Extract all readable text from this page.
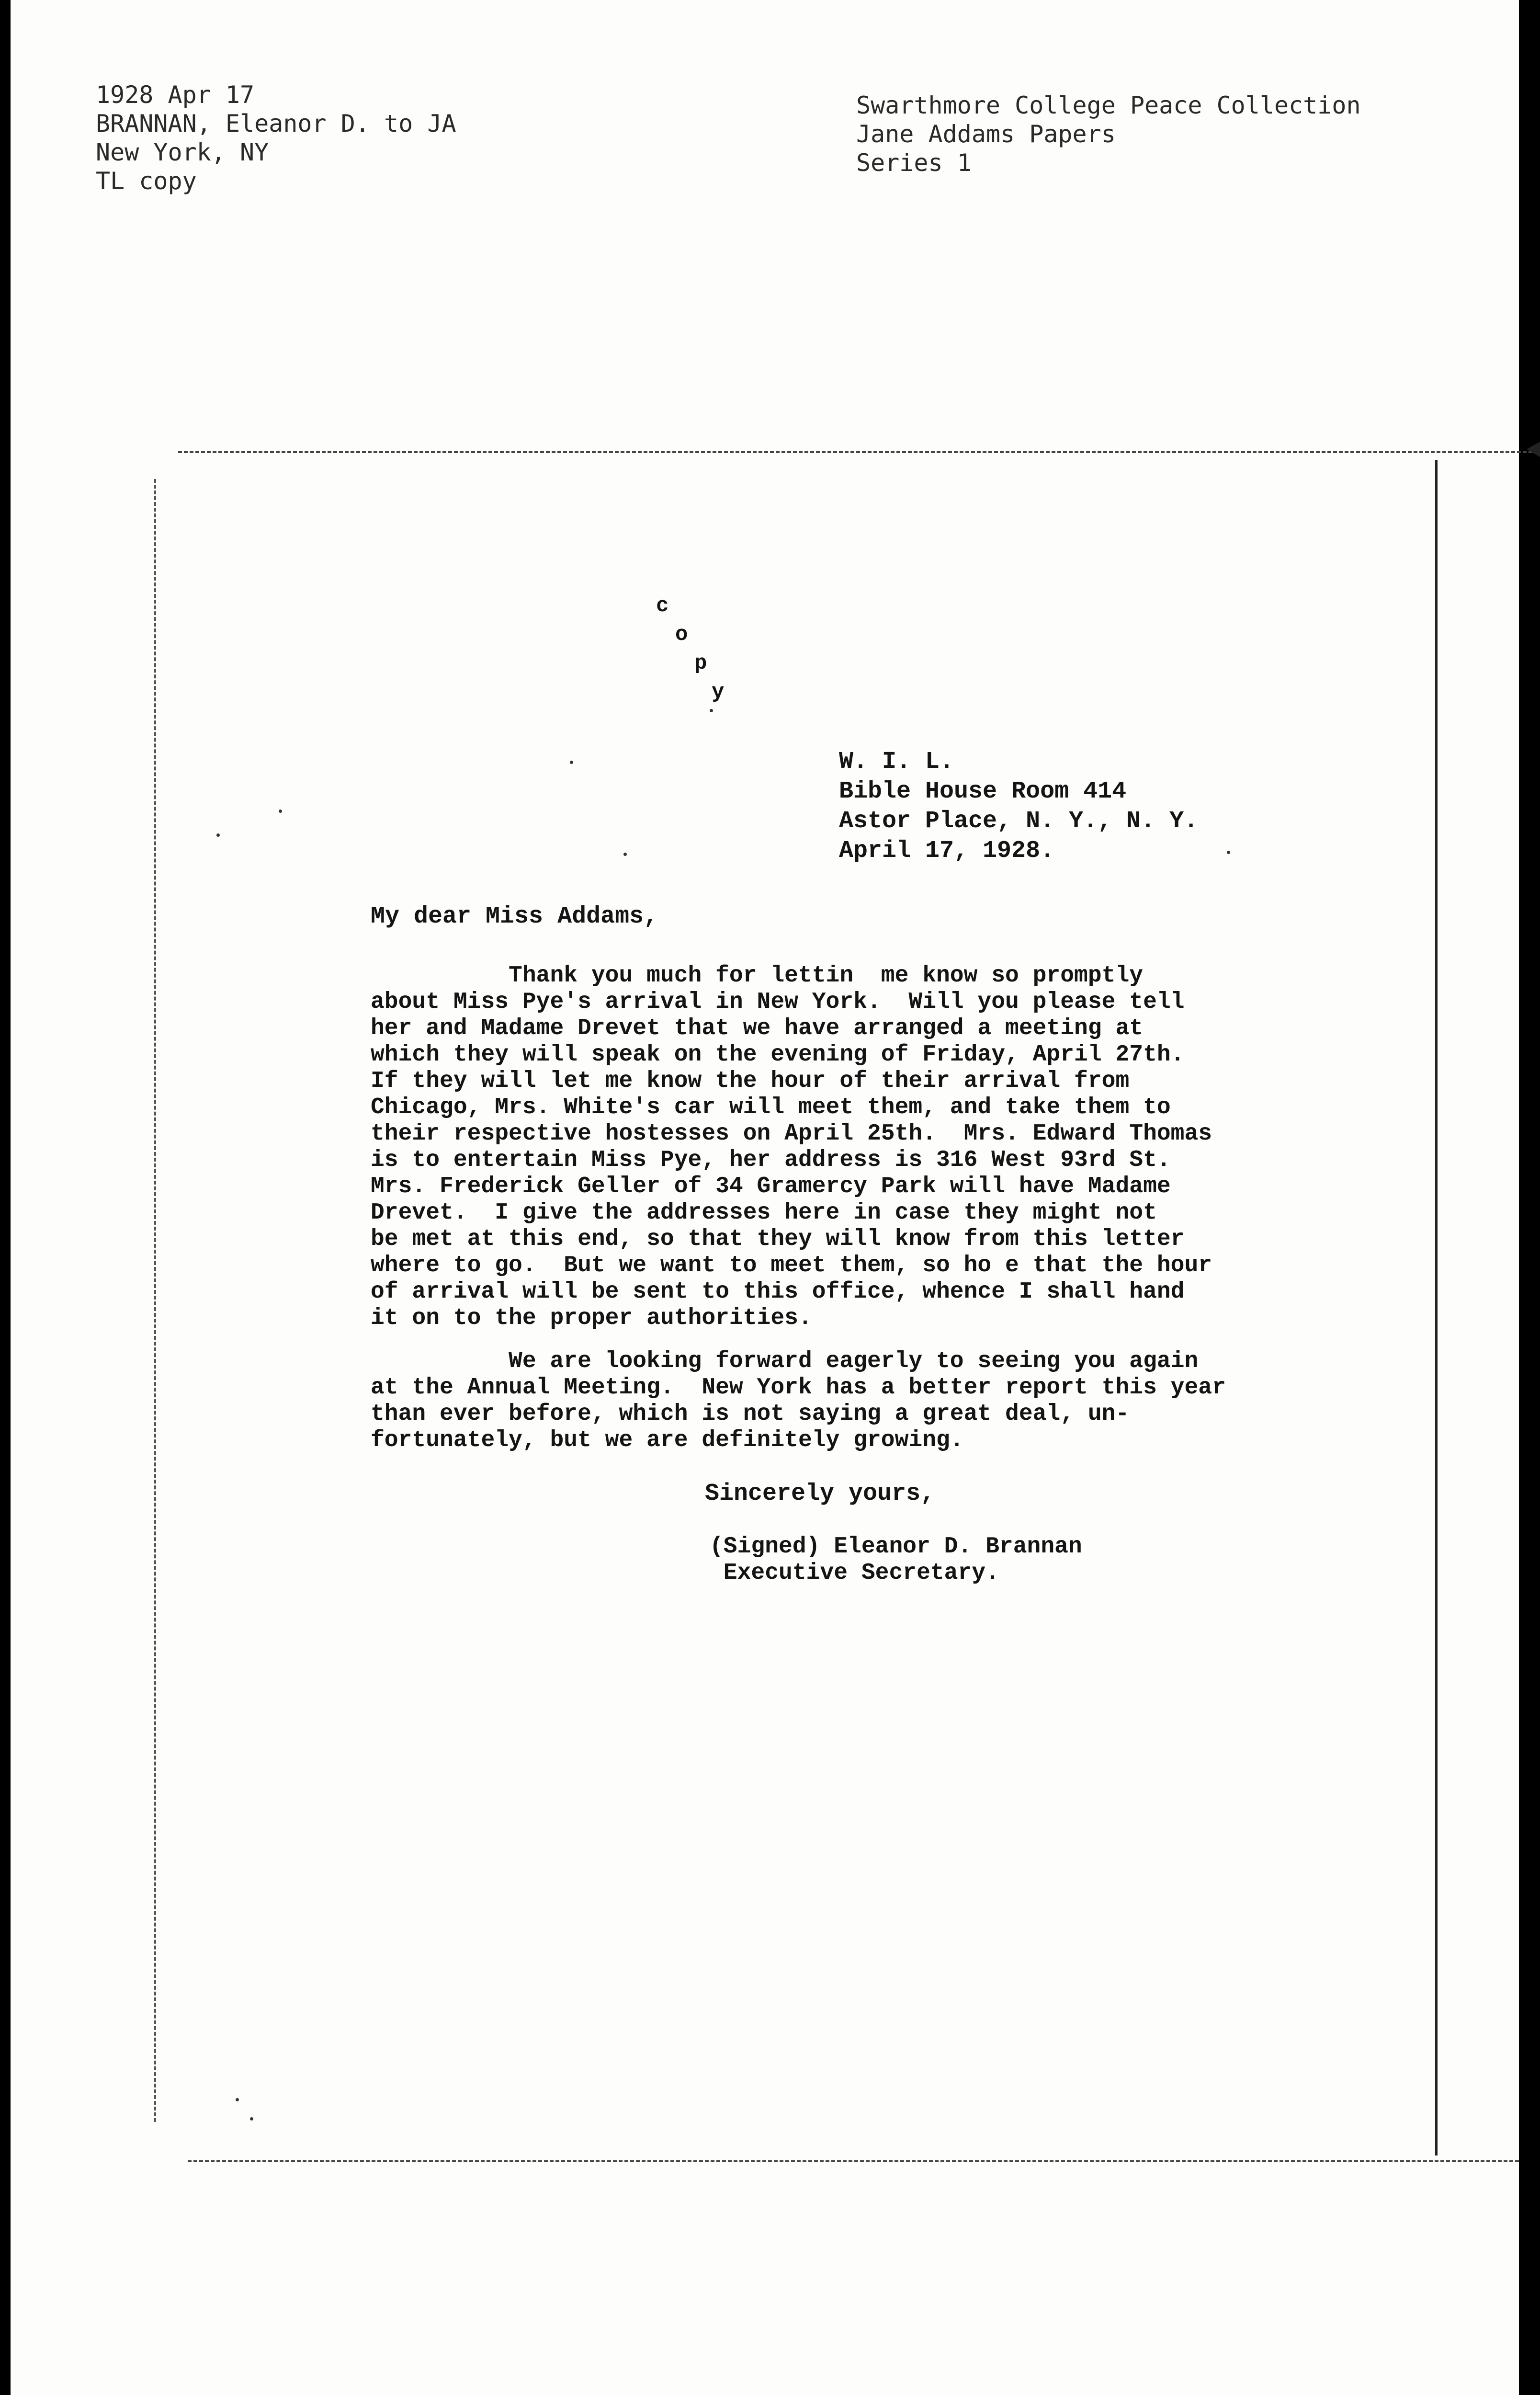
1928 Apr 17
BRANNAN, Eleanor D. to JA
New York, NY
TL copy
Swarthmore College Peace Collection
Jane Addams Papers
Series 1
c
o
p
y
W. I. L.
Bible House Room 414
Astor Place, N. Y., N. Y.
April 17, 1928.
My dear Miss Addams,
Thank you much for lettin  me know so promptly
about Miss Pye's arrival in New York.  Will you please tell
her and Madame Drevet that we have arranged a meeting at
which they will speak on the evening of Friday, April 27th.
If they will let me know the hour of their arrival from
Chicago, Mrs. White's car will meet them, and take them to
their respective hostesses on April 25th.  Mrs. Edward Thomas
is to entertain Miss Pye, her address is 316 West 93rd St.
Mrs. Frederick Geller of 34 Gramercy Park will have Madame
Drevet.  I give the addresses here in case they might not
be met at this end, so that they will know from this letter
where to go.  But we want to meet them, so ho e that the hour
of arrival will be sent to this office, whence I shall hand
it on to the proper authorities.
We are looking forward eagerly to seeing you again
at the Annual Meeting.  New York has a better report this year
than ever before, which is not saying a great deal, un-
fortunately, but we are definitely growing.
Sincerely yours,
(Signed) Eleanor D. Brannan
Executive Secretary.
